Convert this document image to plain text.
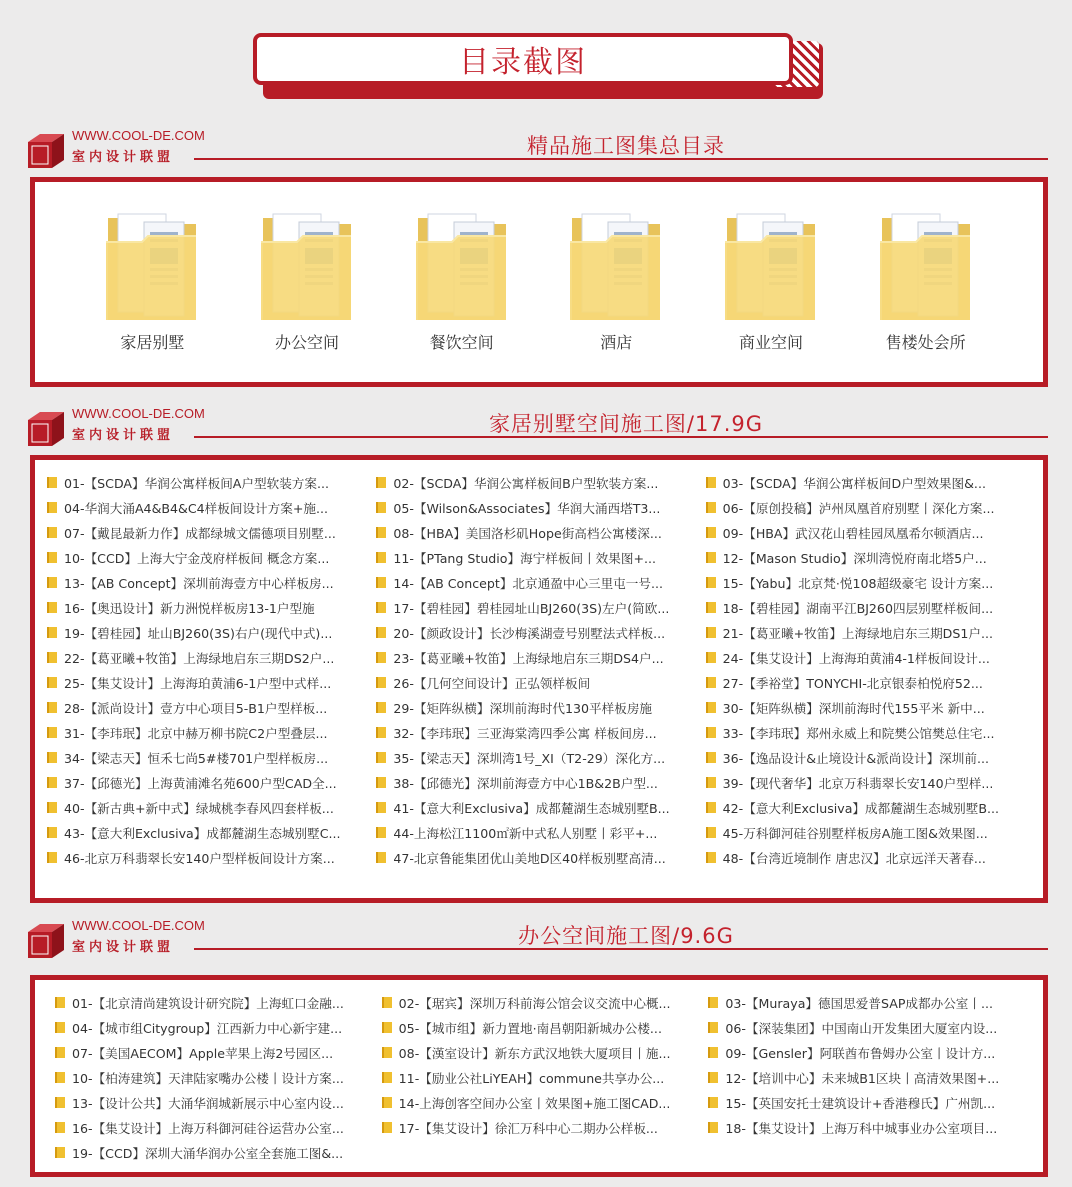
目录截图
WWW.COOL-DE.COM
室内设计联盟	精品施工图集总目录
家居别墅	办公空间	餐饮空间	酒店	商业空间	售楼处会所
WWW.COOL-DE.COM
室内设计联盟	家居别墅空间施工图/17.9G
01-【SCDA】华润公寓样板间A户型软装方案...	02-【SCDA】华润公寓样板间B户型软装方案...	03-【SCDA】华润公寓样板间D户型效果图&...
04-华润大涌A4&B4&C4样板间设计方案+施...	05-【Wilson&Associates】华润大涌西塔T3...	06-【原创投稿】泸州凤凰首府别墅丨深化方案...
07-【戴昆最新力作】成都绿城文儒德项目别墅...	08-【HBA】美国洛杉矶Hope街高档公寓楼深...	09-【HBA】武汉花山碧桂园凤凰希尔顿酒店...
10-【CCD】上海大宁金茂府样板间 概念方案...	11-【PTang Studio】海宁样板间丨效果图+...	12-【Mason Studio】深圳湾悦府南北塔5户...
13-【AB Concept】深圳前海壹方中心样板房...	14-【AB Concept】北京通盈中心三里屯一号...	15-【Yabu】北京梵·悦108超级豪宅 设计方案...
16-【奥迅设计】新力洲悦样板房13-1户型施	17-【碧桂园】碧桂园址山BJ260(3S)左户(简欧...	18-【碧桂园】湖南平江BJ260四层别墅样板间...
19-【碧桂园】址山BJ260(3S)右户(现代中式)...	20-【颜政设计】长沙梅溪湖壹号别墅法式样板...	21-【葛亚曦+牧笛】上海绿地启东三期DS1户...
22-【葛亚曦+牧笛】上海绿地启东三期DS2户...	23-【葛亚曦+牧笛】上海绿地启东三期DS4户...	24-【集艾设计】上海海珀黄浦4-1样板间设计...
25-【集艾设计】上海海珀黄浦6-1户型中式样...	26-【几何空间设计】正弘领样板间	27-【季裕堂】TONYCHI-北京银泰柏悦府52...
28-【派尚设计】壹方中心项目5-B1户型样板...	29-【矩阵纵横】深圳前海时代130平样板房施	30-【矩阵纵横】深圳前海时代155平米 新中...
31-【李玮珉】北京中赫万柳书院C2户型叠层...	32-【李玮珉】三亚海棠湾四季公寓 样板间房...	33-【李玮珉】郑州永威上和院樊公馆樊总住宅...
34-【梁志天】恒禾七尚5#楼701户型样板房...	35-【梁志天】深圳湾1号_XI（T2-29）深化方...	36-【逸品设计&止境设计&派尚设计】深圳前...
37-【邱德光】上海黄浦滩名苑600户型CAD全...	38-【邱德光】深圳前海壹方中心1B&2B户型...	39-【现代奢华】北京万科翡翠长安140户型样...
40-【新古典+新中式】绿城桃李春风四套样板...	41-【意大利Exclusiva】成都麓湖生态城别墅B...	42-【意大利Exclusiva】成都麓湖生态城别墅B...
43-【意大利Exclusiva】成都麓湖生态城别墅C...	44-上海松江1100㎡新中式私人别墅丨彩平+...	45-万科御河硅谷别墅样板房A施工图&效果图...
46-北京万科翡翠长安140户型样板间设计方案...	47-北京鲁能集团优山美地D区40样板别墅高清...	48-【台湾近境制作 唐忠汉】北京远洋天著春...
WWW.COOL-DE.COM
室内设计联盟	办公空间施工图/9.6G
01-【北京清尚建筑设计研究院】上海虹口金融...	02-【琚宾】深圳万科前海公馆会议交流中心概...	03-【Muraya】德国思爱普SAP成都办公室丨...
04-【城市组Citygroup】江西新力中心新宇建...	05-【城市组】新力置地·南昌朝阳新城办公楼...	06-【深装集团】中国南山开发集团大厦室内设...
07-【美国AECOM】Apple苹果上海2号园区...	08-【漢室设计】新东方武汉地铁大厦项目丨施...	09-【Gensler】阿联酋布鲁姆办公室丨设计方...
10-【柏涛建筑】天津陆家嘴办公楼丨设计方案...	11-【励业公社LiYEAH】commune共享办公...	12-【培训中心】未来城B1区块丨高清效果图+...
13-【设计公共】大涌华润城新展示中心室内设...	14-上海创客空间办公室丨效果图+施工图CAD...	15-【英国安托士建筑设计+香港穆氏】广州凯...
16-【集艾设计】上海万科御河硅谷运营办公室...	17-【集艾设计】徐汇万科中心二期办公样板...	18-【集艾设计】上海万科中城事业办公室项目...
19-【CCD】深圳大涌华润办公室全套施工图&...
